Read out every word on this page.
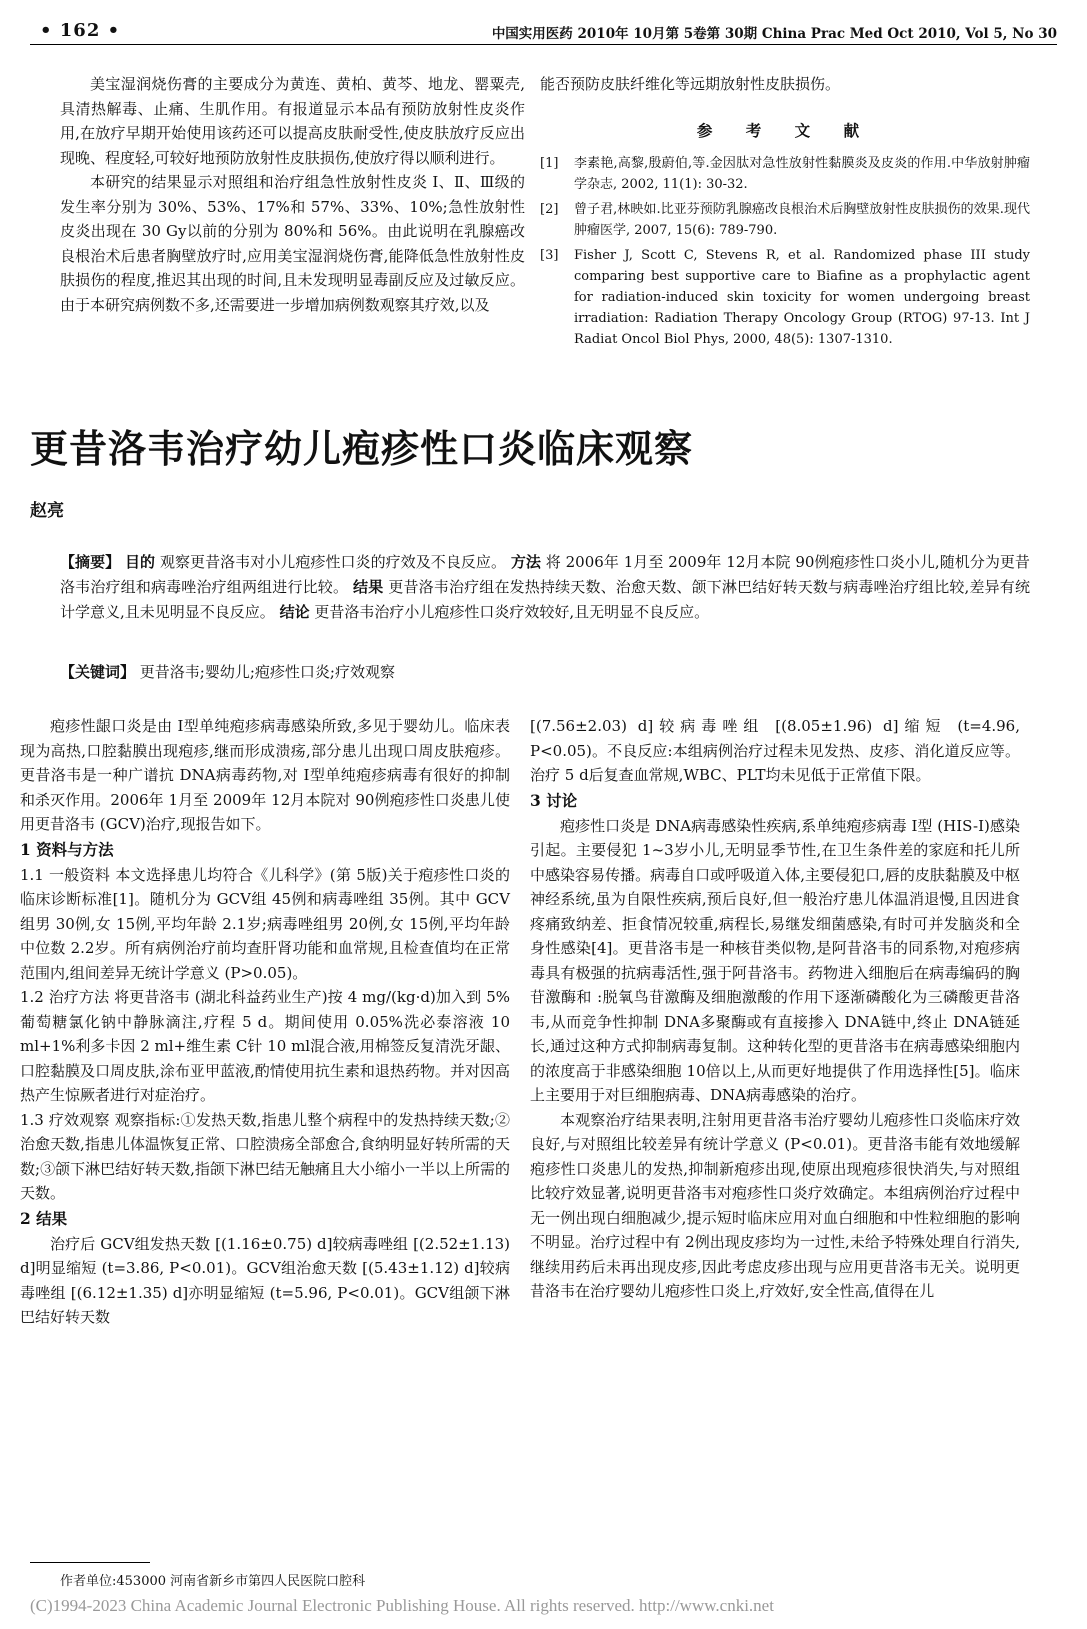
• 162 •	中国实用医药 2010年 10月第 5卷第 30期 China Prac Med Oct 2010, Vol 5, No 30

美宝湿润烧伤膏的主要成分为黄连、黄柏、黄芩、地龙、罂粟壳,具清热解毒、止痛、生肌作用。有报道显示本品有预防放射性皮炎作用,在放疗早期开始使用该药还可以提高皮肤耐受性,使皮肤放疗反应出现晚、程度轻,可较好地预防放射性皮肤损伤,使放疗得以顺利进行。

本研究的结果显示对照组和治疗组急性放射性皮炎 Ⅰ、Ⅱ、Ⅲ级的发生率分别为 30%、53%、17%和 57%、33%、10%;急性放射性皮炎出现在 30 Gy以前的分别为 80%和 56%。由此说明在乳腺癌改良根治术后患者胸壁放疗时,应用美宝湿润烧伤膏,能降低急性放射性皮肤损伤的程度,推迟其出现的时间,且未发现明显毒副反应及过敏反应。由于本研究病例数不多,还需要进一步增加病例数观察其疗效,以及

能否预防皮肤纤维化等远期放射性皮肤损伤。

参 考 文 献
[1]	李素艳,高黎,殷蔚伯,等.金因肽对急性放射性黏膜炎及皮炎的作用.中华放射肿瘤学杂志, 2002, 11(1): 30-32.
[2]	曾子君,林映如.比亚芬预防乳腺癌改良根治术后胸壁放射性皮肤损伤的效果.现代肿瘤医学, 2007, 15(6): 789-790.
[3]	Fisher J, Scott C, Stevens R, et al. Randomized phase III study comparing best supportive care to Biafine as a prophylactic agent for radiation-induced skin toxicity for women undergoing breast irradiation: Radiation Therapy Oncology Group (RTOG) 97-13. Int J Radiat Oncol Biol Phys, 2000, 48(5): 1307-1310.
更昔洛韦治疗幼儿疱疹性口炎临床观察
赵亮
【摘要】 目的 观察更昔洛韦对小儿疱疹性口炎的疗效及不良反应。 方法 将 2006年 1月至 2009年 12月本院 90例疱疹性口炎小儿,随机分为更昔洛韦治疗组和病毒唑治疗组两组进行比较。 结果 更昔洛韦治疗组在发热持续天数、治愈天数、颌下淋巴结好转天数与病毒唑治疗组比较,差异有统计学意义,且未见明显不良反应。 结论 更昔洛韦治疗小儿疱疹性口炎疗效较好,且无明显不良反应。
【关键词】 更昔洛韦;婴幼儿;疱疹性口炎;疗效观察

疱疹性龈口炎是由 Ⅰ型单纯疱疹病毒感染所致,多见于婴幼儿。临床表现为高热,口腔黏膜出现疱疹,继而形成溃疡,部分患儿出现口周皮肤疱疹。更昔洛韦是一种广谱抗 DNA病毒药物,对 Ⅰ型单纯疱疹病毒有很好的抑制和杀灭作用。2006年 1月至 2009年 12月本院对 90例疱疹性口炎患儿使用更昔洛韦 (GCV)治疗,现报告如下。

1 资料与方法

1.1 一般资料 本文选择患儿均符合《儿科学》(第 5版)关于疱疹性口炎的临床诊断标准[1]。随机分为 GCV组 45例和病毒唑组 35例。其中 GCV组男 30例,女 15例,平均年龄 2.1岁;病毒唑组男 20例,女 15例,平均年龄中位数 2.2岁。所有病例治疗前均查肝肾功能和血常规,且检查值均在正常范围内,组间差异无统计学意义 (P>0.05)。

1.2 治疗方法 将更昔洛韦 (湖北科益药业生产)按 4 mg/(kg·d)加入到 5%葡萄糖氯化钠中静脉滴注,疗程 5 d。期间使用 0.05%洗必泰溶液 10 ml+1%利多卡因 2 ml+维生素 C针 10 ml混合液,用棉签反复清洗牙龈、口腔黏膜及口周皮肤,涂布亚甲蓝液,酌情使用抗生素和退热药物。并对因高热产生惊厥者进行对症治疗。

1.3 疗效观察 观察指标:①发热天数,指患儿整个病程中的发热持续天数;②治愈天数,指患儿体温恢复正常、口腔溃疡全部愈合,食纳明显好转所需的天数;③颌下淋巴结好转天数,指颌下淋巴结无触痛且大小缩小一半以上所需的天数。

2 结果

治疗后 GCV组发热天数 [(1.16±0.75) d]较病毒唑组 [(2.52±1.13) d]明显缩短 (t=3.86, P<0.01)。GCV组治愈天数 [(5.43±1.12) d]较病毒唑组 [(6.12±1.35) d]亦明显缩短 (t=5.96, P<0.01)。GCV组颌下淋巴结好转天数

[(7.56±2.03) d]较病毒唑组 [(8.05±1.96) d]缩短 (t=4.96, P<0.05)。不良反应:本组病例治疗过程未见发热、皮疹、消化道反应等。治疗 5 d后复查血常规,WBC、PLT均未见低于正常值下限。

3 讨论

疱疹性口炎是 DNA病毒感染性疾病,系单纯疱疹病毒 Ⅰ型 (HIS-Ⅰ)感染引起。主要侵犯 1~3岁小儿,无明显季节性,在卫生条件差的家庭和托儿所中感染容易传播。病毒自口或呼吸道入体,主要侵犯口,唇的皮肤黏膜及中枢神经系统,虽为自限性疾病,预后良好,但一般治疗患儿体温消退慢,且因进食疼痛致纳差、拒食情况较重,病程长,易继发细菌感染,有时可并发脑炎和全身性感染[4]。更昔洛韦是一种核苷类似物,是阿昔洛韦的同系物,对疱疹病毒具有极强的抗病毒活性,强于阿昔洛韦。药物进入细胞后在病毒编码的胸苷激酶和 :脱氧鸟苷激酶及细胞激酸的作用下逐渐磷酸化为三磷酸更昔洛韦,从而竞争性抑制 DNA多聚酶或有直接掺入 DNA链中,终止 DNA链延长,通过这种方式抑制病毒复制。这种转化型的更昔洛韦在病毒感染细胞内的浓度高于非感染细胞 10倍以上,从而更好地提供了作用选择性[5]。临床上主要用于对巨细胞病毒、DNA病毒感染的治疗。

本观察治疗结果表明,注射用更昔洛韦治疗婴幼儿疱疹性口炎临床疗效良好,与对照组比较差异有统计学意义 (P<0.01)。更昔洛韦能有效地缓解疱疹性口炎患儿的发热,抑制新疱疹出现,使原出现疱疹很快消失,与对照组比较疗效显著,说明更昔洛韦对疱疹性口炎疗效确定。本组病例治疗过程中无一例出现白细胞减少,提示短时临床应用对血白细胞和中性粒细胞的影响不明显。治疗过程中有 2例出现皮疹均为一过性,未给予特殊处理自行消失,继续用药后未再出现皮疹,因此考虑皮疹出现与应用更昔洛韦无关。说明更昔洛韦在治疗婴幼儿疱疹性口炎上,疗效好,安全性高,值得在儿

作者单位:453000 河南省新乡市第四人民医院口腔科
(C)1994-2023 China Academic Journal Electronic Publishing House. All rights reserved. http://www.cnki.net
